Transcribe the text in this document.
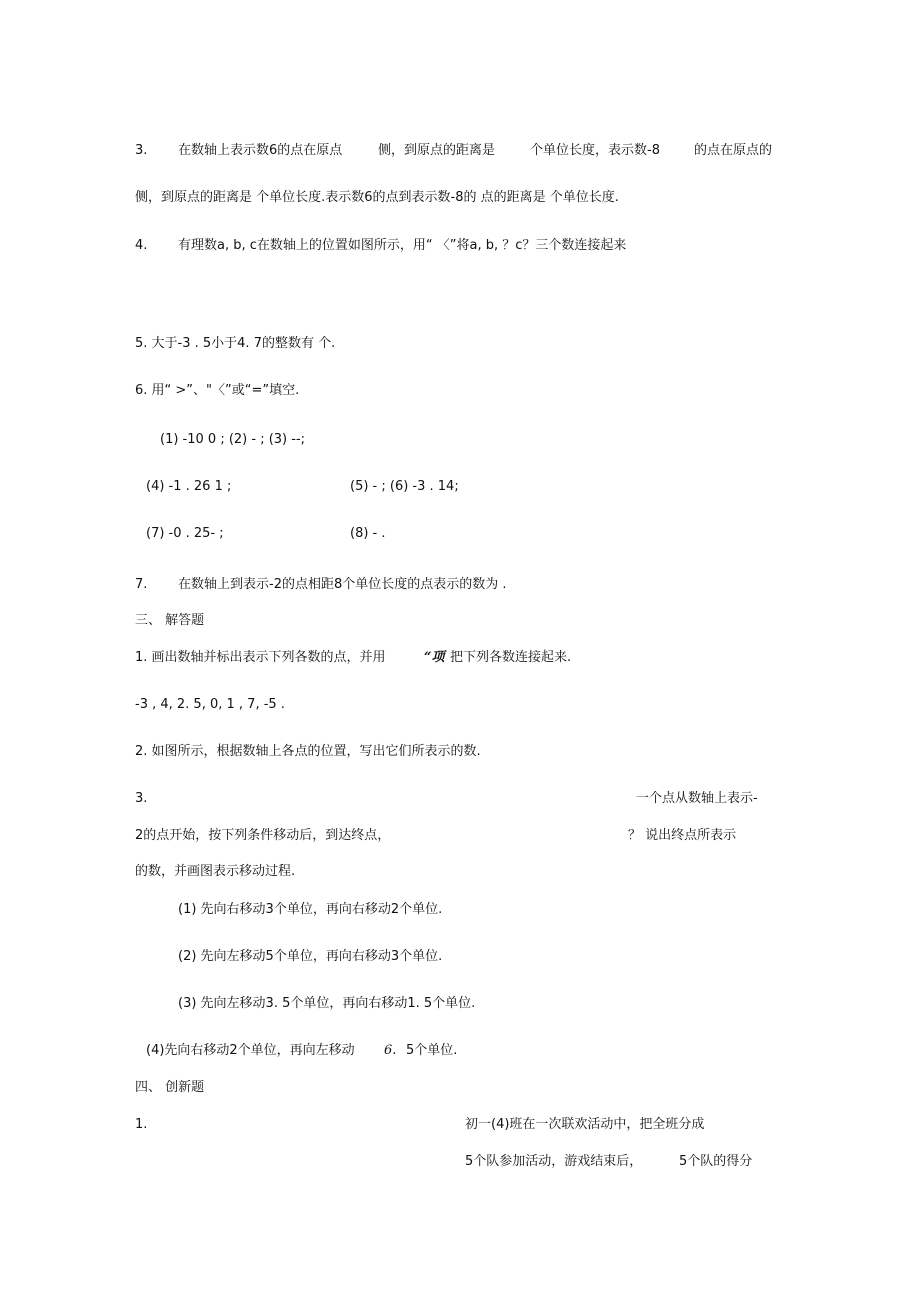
3. 在数轴上表示数6的点在原点	侧，到原点的距离是	个单位长度，表示数-8	的点在原点的
侧，到原点的距离是 个单位长度.表示数6的点到表示数-8的 点的距离是 个单位长度.
4. 有理数a, b, c在数轴上的位置如图所示，用“ 〈”将a, b, ？c？三个数连接起来
5. 大于-3 . 5小于4. 7的整数有 个.
6. 用“ >”、"〈”或“=”填空.
(1) -10 0 ; (2) - ; (3) --;
(4) -1 . 26 1 ;	(5) - ; (6) -3 . 14;
(7) -0 . 25- ;	(8) - .
7. 在数轴上到表示-2的点相距8个单位长度的点表示的数为 .
三、 解答题
1. 画出数轴并标出表示下列各数的点，并用	“项 把下列各数连接起来.
-3 , 4, 2. 5, 0, 1 , 7, -5 .
2. 如图所示，根据数轴上各点的位置，写出它们所表示的数.
3.	一个点从数轴上表示-
2的点开始，按下列条件移动后，到达终点，	？ 说出终点所表示
的数，并画图表示移动过程.
(1) 先向右移动3个单位，再向右移动2个单位.
(2) 先向左移动5个单位，再向右移动3个单位.
(3) 先向左移动3. 5个单位，再向右移动1. 5个单位.
(4)先向右移动2个单位，再向左移动 6. 5个单位.
四、 创新题
1.	初一(4)班在一次联欢活动中，把全班分成
5个队参加活动，游戏结束后，	5个队的得分
